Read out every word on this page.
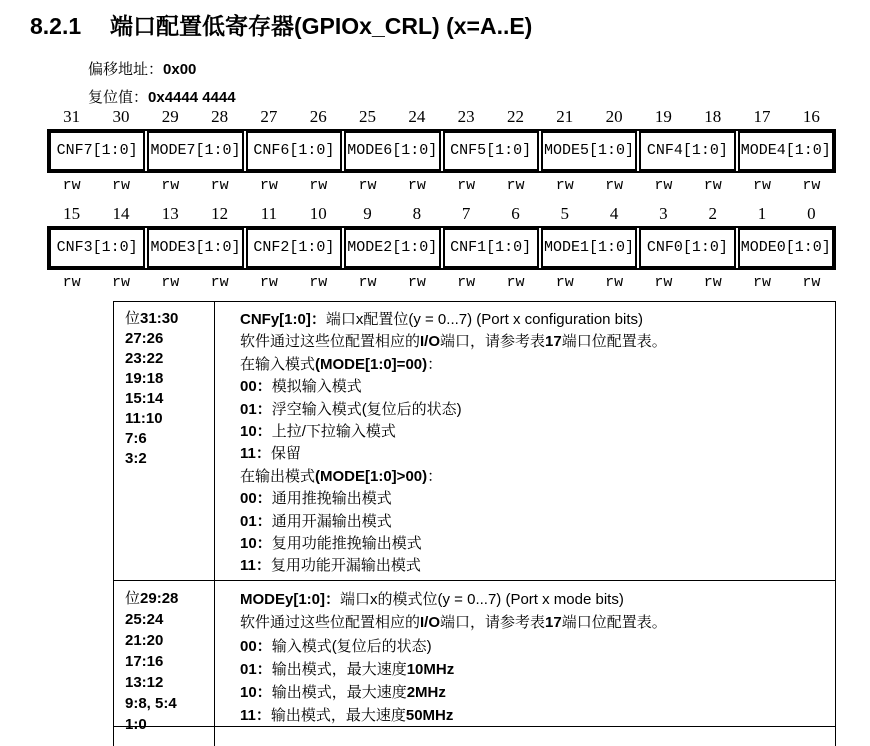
8.2.1 端口配置低寄存器(GPIOx_CRL) (x=A..E)
偏移地址：0x00
复位值：0x4444 4444
31	30	29	28	27	26	25	24	23	22	21	20	19	18	17	16
CNF7[1:0] MODE7[1:0] CNF6[1:0] MODE6[1:0] CNF5[1:0] MODE5[1:0] CNF4[1:0] MODE4[1:0]
rw	rw	rw	rw	rw	rw	rw	rw	rw	rw	rw	rw	rw	rw	rw	rw
15	14	13	12	11	10	9	8	7	6	5	4	3	2	1	0
CNF3[1:0] MODE3[1:0] CNF2[1:0] MODE2[1:0] CNF1[1:0] MODE1[1:0] CNF0[1:0] MODE0[1:0]
rw	rw	rw	rw	rw	rw	rw	rw	rw	rw	rw	rw	rw	rw	rw	rw
位31:30
27:26
23:22
19:18
15:14
11:10
7:6
3:2
CNFy[1:0]：端口x配置位(y = 0...7) (Port x configuration bits)
软件通过这些位配置相应的I/O端口，请参考表17端口位配置表。
在输入模式(MODE[1:0]=00)：
00：模拟输入模式
01：浮空输入模式(复位后的状态)
10：上拉/下拉输入模式
11：保留
在输出模式(MODE[1:0]>00)：
00：通用推挽输出模式
01：通用开漏输出模式
10：复用功能推挽输出模式
11：复用功能开漏输出模式
位29:28
25:24
21:20
17:16
13:12
9:8, 5:4
1:0
MODEy[1:0]：端口x的模式位(y = 0...7) (Port x mode bits)
软件通过这些位配置相应的I/O端口，请参考表17端口位配置表。
00：输入模式(复位后的状态)
01：输出模式，最大速度10MHz
10：输出模式，最大速度2MHz
11：输出模式，最大速度50MHz
